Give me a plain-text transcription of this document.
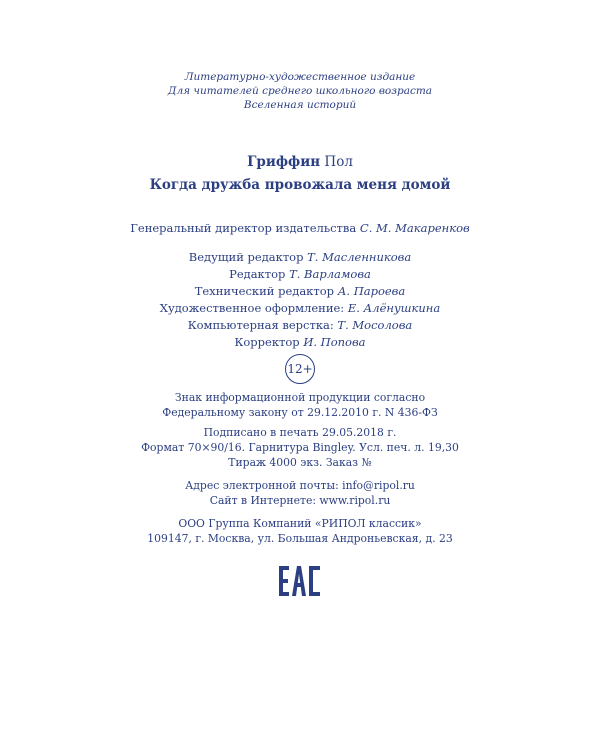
Литературно-художественное издание
Для читателей среднего школьного возраста
Вселенная историй
Гриффин Пол
Когда дружба провожала меня домой
Генеральный директор издательства С. М. Макаренков
Ведущий редактор Т. Масленникова
Редактор Т. Варламова
Технический редактор А. Пароева
Художественное оформление: Е. Алёнушкина
Компьютерная верстка: Т. Мосолова
Корректор И. Попова
12+
Знак информационной продукции согласно
Федеральному закону от 29.12.2010 г. N 436-ФЗ
Подписано в печать 29.05.2018 г.
Формат 70×90/16. Гарнитура Bingley. Усл. печ. л. 19,30
Тираж 4000 экз. Заказ №
Адрес электронной почты: info@ripol.ru
Сайт в Интернете: www.ripol.ru
ООО Группа Компаний «РИПОЛ классик»
109147, г. Москва, ул. Большая Андроньевская, д. 23
